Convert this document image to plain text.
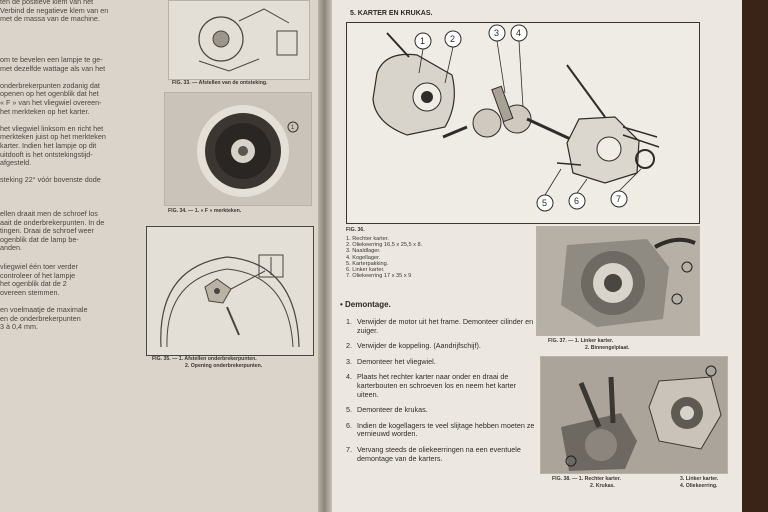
ten de positieve klem van het
Verbind de negatieve klem van en
met de massa van de machine.
FIG. 33. — Afstellen van de ontsteking.
om te bevelen een lampje te ge-
met dezelfde wattage als van het

onderbrekerpunten zodanig dat
openen op het ogenblik dat het
« F » van het vliegwiel overeen-
het merkteken op het karter.

het vliegwiel linksom en richt het
merkteken juist op het merkteken
karter. Indien het lampje op dit
uitdooft is het ontstekingstijd-
afgesteld.

steking 22° vóór bovenste dode
1
FIG. 34. — 1. « F » merkteken.
ellen draait men de schroef los
aait de onderbrekerpunten. In de
tingen. Draai de schroef weer
ogenblik dat de lamp be-
anden.
FIG. 35. — 1. Afstellen onderbrekerpunten.
2. Opening onderbrekerpunten.
vliegwiel één toer verder
controleer of het lampje
het ogenblik dat de 2
overeen stemmen.

en voelmaatje de maximale
en de onderbrekerpunten
3 à 0,4 mm.
5. KARTER EN KRUKAS.
1	2
3 4
5	6	7
FIG. 36.
1. Rechter karter.
2. Oliekeerring 16,5 x 25,5 x 8.
3. Naaldlager.
4. Kogellager.
5. Karterpakking.
6. Linker karter.
7. Oliekeerring 17 x 35 x 9
• Demontage.
1. Verwijder de motor uit het frame. Demonteer cilinder en zuiger.
2. Verwijder de koppeling. (Aandrijfschijf).
3. Demonteer het vliegwiel.
4. Plaats het rechter karter naar onder en draai de karterbouten en schroeven los en neem het karter uiteen.
5. Demonteer de krukas.
6. Indien de kogellagers te veel slijtage hebben moeten ze vernieuwd worden.
7. Vervang steeds de oliekeerringen na een eventuele demontage van de karters.
FIG. 37. — 1. Linker karter.
2. Binnengelplaat.
FIG. 38. — 1. Rechter karter.
2. Krukas.
3. Linker karter.
4. Oliekeerring.
